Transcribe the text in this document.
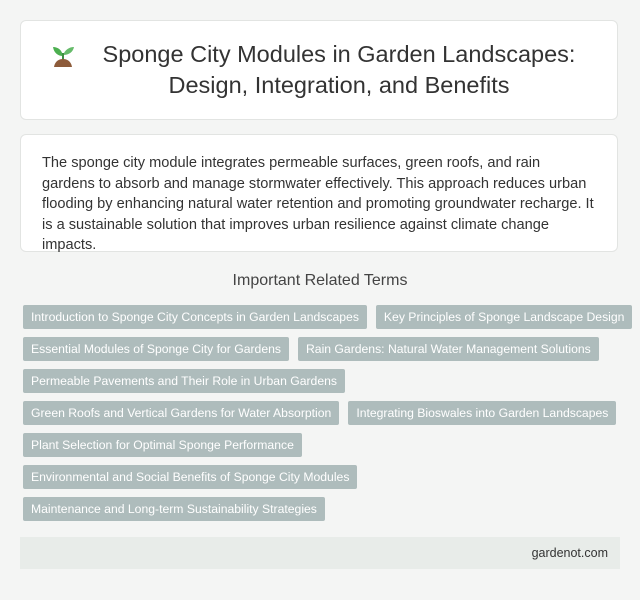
Sponge City Modules in Garden Landscapes: Design, Integration, and Benefits

The sponge city module integrates permeable surfaces, green roofs, and rain gardens to absorb and manage stormwater effectively. This approach reduces urban flooding by enhancing natural water retention and promoting groundwater recharge. It is a sustainable solution that improves urban resilience against climate change impacts.

Important Related Terms
Introduction to Sponge City Concepts in Garden Landscapes	Key Principles of Sponge Landscape Design
Essential Modules of Sponge City for Gardens	Rain Gardens: Natural Water Management Solutions
Permeable Pavements and Their Role in Urban Gardens
Green Roofs and Vertical Gardens for Water Absorption	Integrating Bioswales into Garden Landscapes
Plant Selection for Optimal Sponge Performance
Environmental and Social Benefits of Sponge City Modules
Maintenance and Long-term Sustainability Strategies
gardenot.com
